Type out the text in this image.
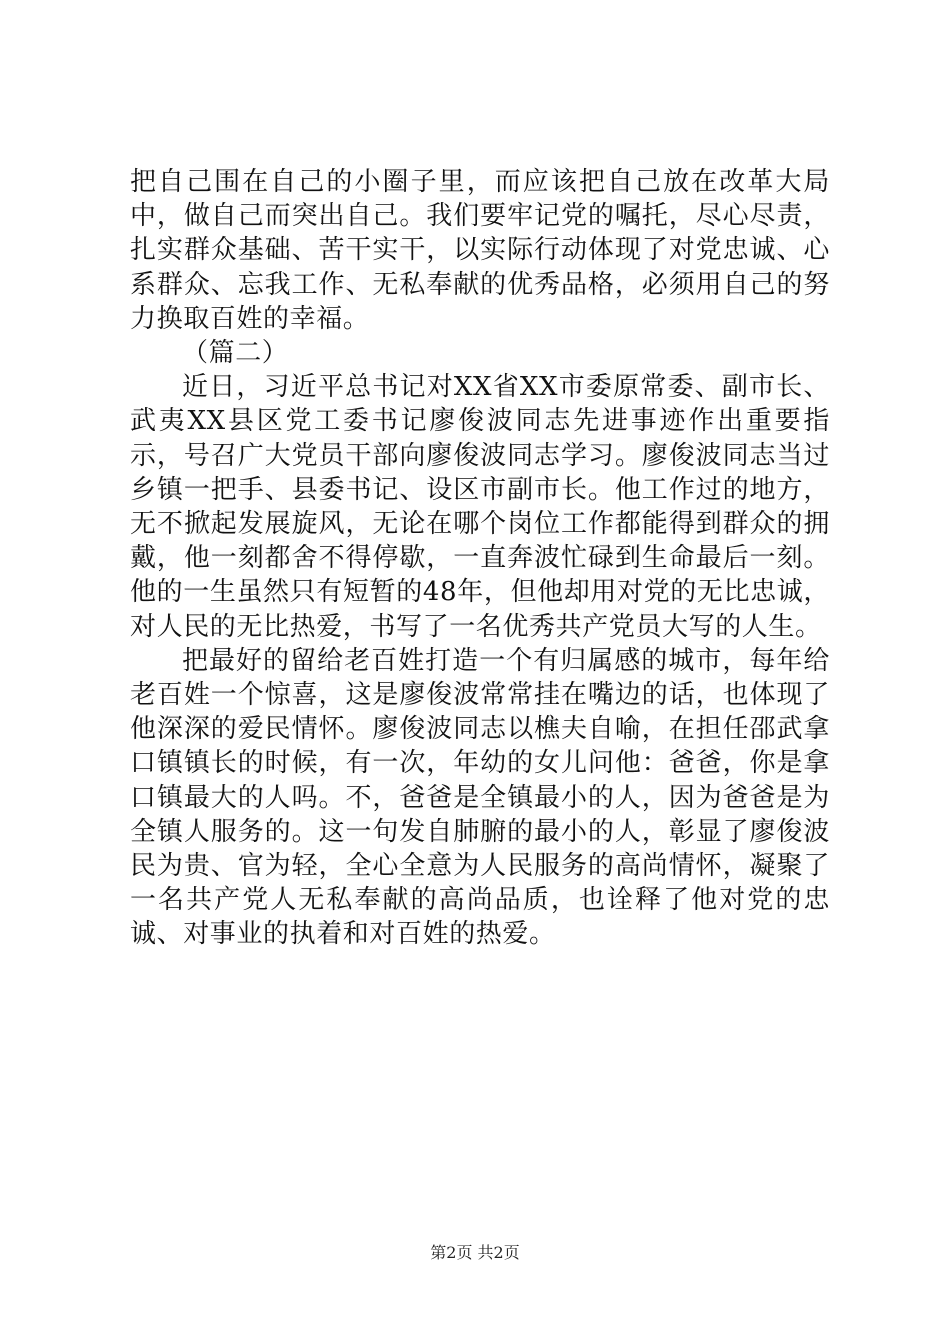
把自己围在自己的小圈子里，而应该把自己放在改革大局中，做自己而突出自己。我们要牢记党的嘱托，尽心尽责，扎实群众基础、苦干实干，以实际行动体现了对党忠诚、心系群众、忘我工作、无私奉献的优秀品格，必须用自己的努力换取百姓的幸福。

（篇二）

近日，习近平总书记对XX省XX市委原常委、副市长、武夷XX县区党工委书记廖俊波同志先进事迹作出重要指示，号召广大党员干部向廖俊波同志学习。廖俊波同志当过乡镇一把手、县委书记、设区市副市长。他工作过的地方，无不掀起发展旋风，无论在哪个岗位工作都能得到群众的拥戴，他一刻都舍不得停歇，一直奔波忙碌到生命最后一刻。他的一生虽然只有短暂的48年，但他却用对党的无比忠诚，对人民的无比热爱，书写了一名优秀共产党员大写的人生。

把最好的留给老百姓打造一个有归属感的城市，每年给老百姓一个惊喜，这是廖俊波常常挂在嘴边的话，也体现了他深深的爱民情怀。廖俊波同志以樵夫自喻，在担任邵武拿口镇镇长的时候，有一次，年幼的女儿问他：爸爸，你是拿口镇最大的人吗。不，爸爸是全镇最小的人，因为爸爸是为全镇人服务的。这一句发自肺腑的最小的人，彰显了廖俊波民为贵、官为轻，全心全意为人民服务的高尚情怀，凝聚了一名共产党人无私奉献的高尚品质，也诠释了他对党的忠诚、对事业的执着和对百姓的热爱。

第2页 共2页
